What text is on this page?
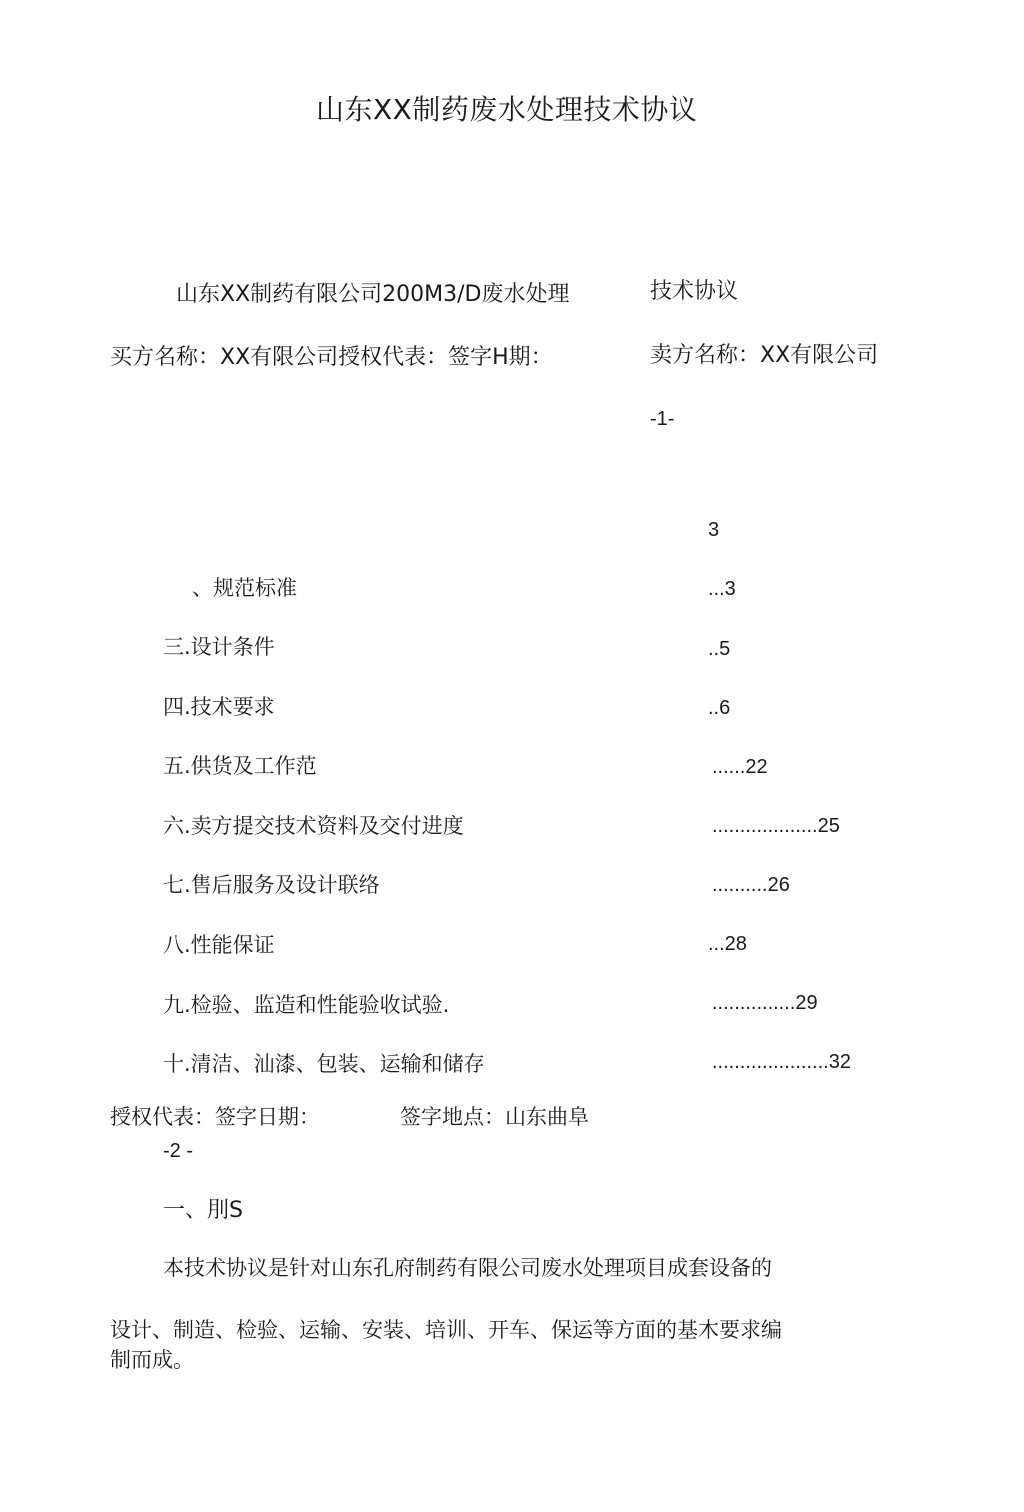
山东XX制药废水处理技术协议
山东XX制药有限公司200M3/D废水处理	技术协议
买方名称：XX有限公司授权代表：签字H期：	卖方名称：XX有限公司
-1-
3
、规范标准	...3
三.设计条件	..5
四.技术要求	..6
五.供货及工作范	......22
六.卖方提交技术资料及交付进度	...................25
七.售后服务及设计联络	..........26
八.性能保证	...28
九.检验、监造和性能验收试验.	...............29
十.清洁、汕漆、包装、运输和储存	.....................32
授权代表：签字日期：	签字地点：山东曲阜
-2 -
一、刖S
本技术协议是针对山东孔府制药有限公司废水处理项目成套设备的
设计、制造、检验、运输、安装、培训、开车、保运等方面的基木要求编
制而成。
